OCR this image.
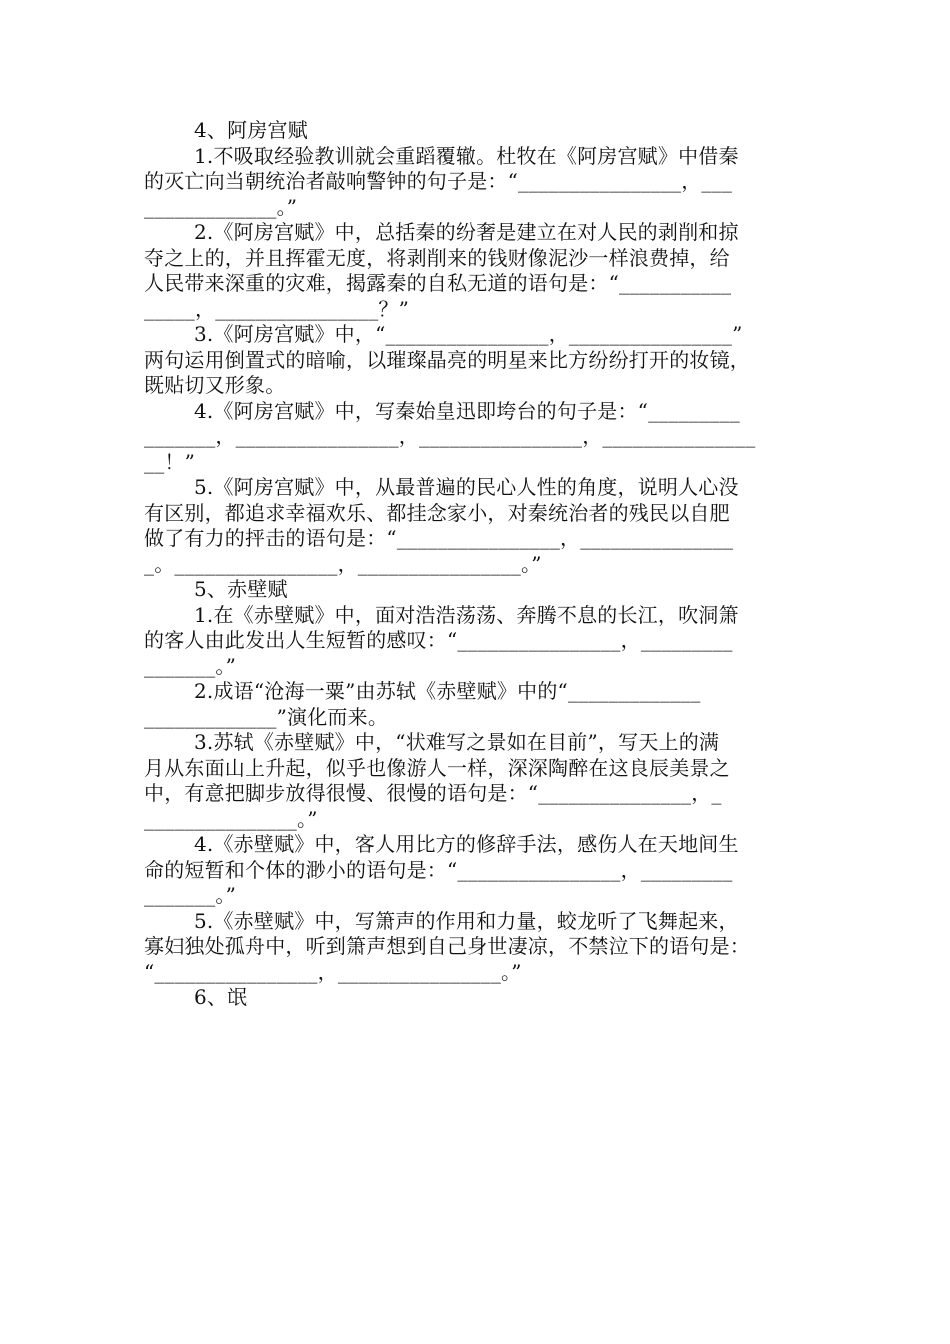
4、阿房宫赋
1.不吸取经验教训就会重蹈覆辙。杜牧在《阿房宫赋》中借秦
的灭亡向当朝统治者敲响警钟的句子是：“________________，___
_____________。”
2.《阿房宫赋》中，总括秦的纷奢是建立在对人民的剥削和掠
夺之上的，并且挥霍无度，将剥削来的钱财像泥沙一样浪费掉，给
人民带来深重的灾难，揭露秦的自私无道的语句是：“___________
_____，________________？”
3.《阿房宫赋》中，“________________，________________”
两句运用倒置式的暗喻，以璀璨晶亮的明星来比方纷纷打开的妆镜，
既贴切又形象。
4.《阿房宫赋》中，写秦始皇迅即垮台的句子是：“_________
_______，________________，________________，_______________
__！”
5.《阿房宫赋》中，从最普遍的民心人性的角度，说明人心没
有区别，都追求幸福欢乐、都挂念家小，对秦统治者的残民以自肥
做了有力的抨击的语句是：“________________，_______________
_。________________，________________。”
5、赤壁赋
1.在《赤壁赋》中，面对浩浩荡荡、奔腾不息的长江，吹洞箫
的客人由此发出人生短暂的感叹：“________________，_________
_______。”
2.成语“沧海一粟”由苏轼《赤壁赋》中的“_____________
_____________”演化而来。
3.苏轼《赤壁赋》中，“状难写之景如在目前”，写天上的满
月从东面山上升起，似乎也像游人一样，深深陶醉在这良辰美景之
中，有意把脚步放得很慢、很慢的语句是：“_______________，_
_______________。”
4.《赤壁赋》中，客人用比方的修辞手法，感伤人在天地间生
命的短暂和个体的渺小的语句是：“________________，_________
_______。”
5.《赤壁赋》中，写箫声的作用和力量，蛟龙听了飞舞起来，
寡妇独处孤舟中，听到箫声想到自己身世凄凉，不禁泣下的语句是：
“________________，________________。”
6、氓
